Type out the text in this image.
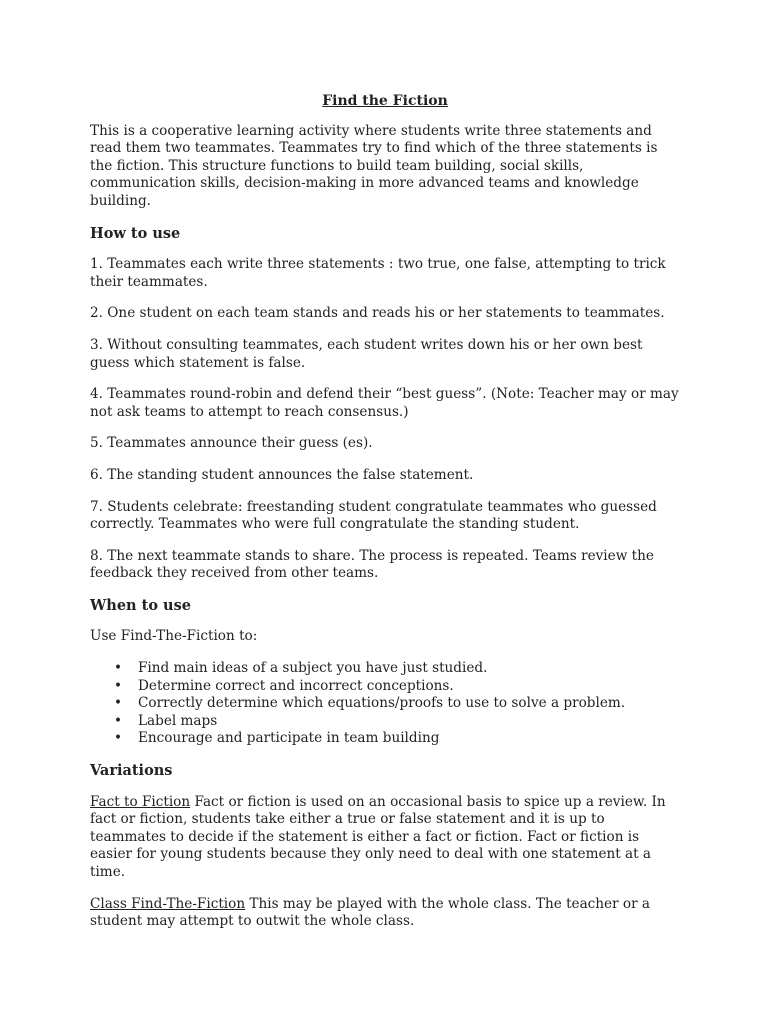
Find the Fiction

This is a cooperative learning activity where students write three statements and read them two teammates. Teammates try to find which of the three statements is the fiction. This structure functions to build team building, social skills, communication skills, decision-making in more advanced teams and knowledge building.

How to use

1. Teammates each write three statements : two true, one false, attempting to trick their teammates.

2. One student on each team stands and reads his or her statements to teammates.

3. Without consulting teammates, each student writes down his or her own best guess which statement is false.

4. Teammates round-robin and defend their “best guess”. (Note: Teacher may or may not ask teams to attempt to reach consensus.)

5. Teammates announce their guess (es).

6. The standing student announces the false statement.

7. Students celebrate: freestanding student congratulate teammates who guessed correctly. Teammates who were full congratulate the standing student.

8. The next teammate stands to share. The process is repeated. Teams review the feedback they received from other teams.

When to use

Use Find-The-Fiction to:

• Find main ideas of a subject you have just studied.
• Determine correct and incorrect conceptions.
• Correctly determine which equations/proofs to use to solve a problem.
• Label maps
• Encourage and participate in team building
Variations

Fact to Fiction Fact or fiction is used on an occasional basis to spice up a review. In fact or fiction, students take either a true or false statement and it is up to teammates to decide if the statement is either a fact or fiction. Fact or fiction is easier for young students because they only need to deal with one statement at a time.

Class Find-The-Fiction This may be played with the whole class. The teacher or a student may attempt to outwit the whole class.
